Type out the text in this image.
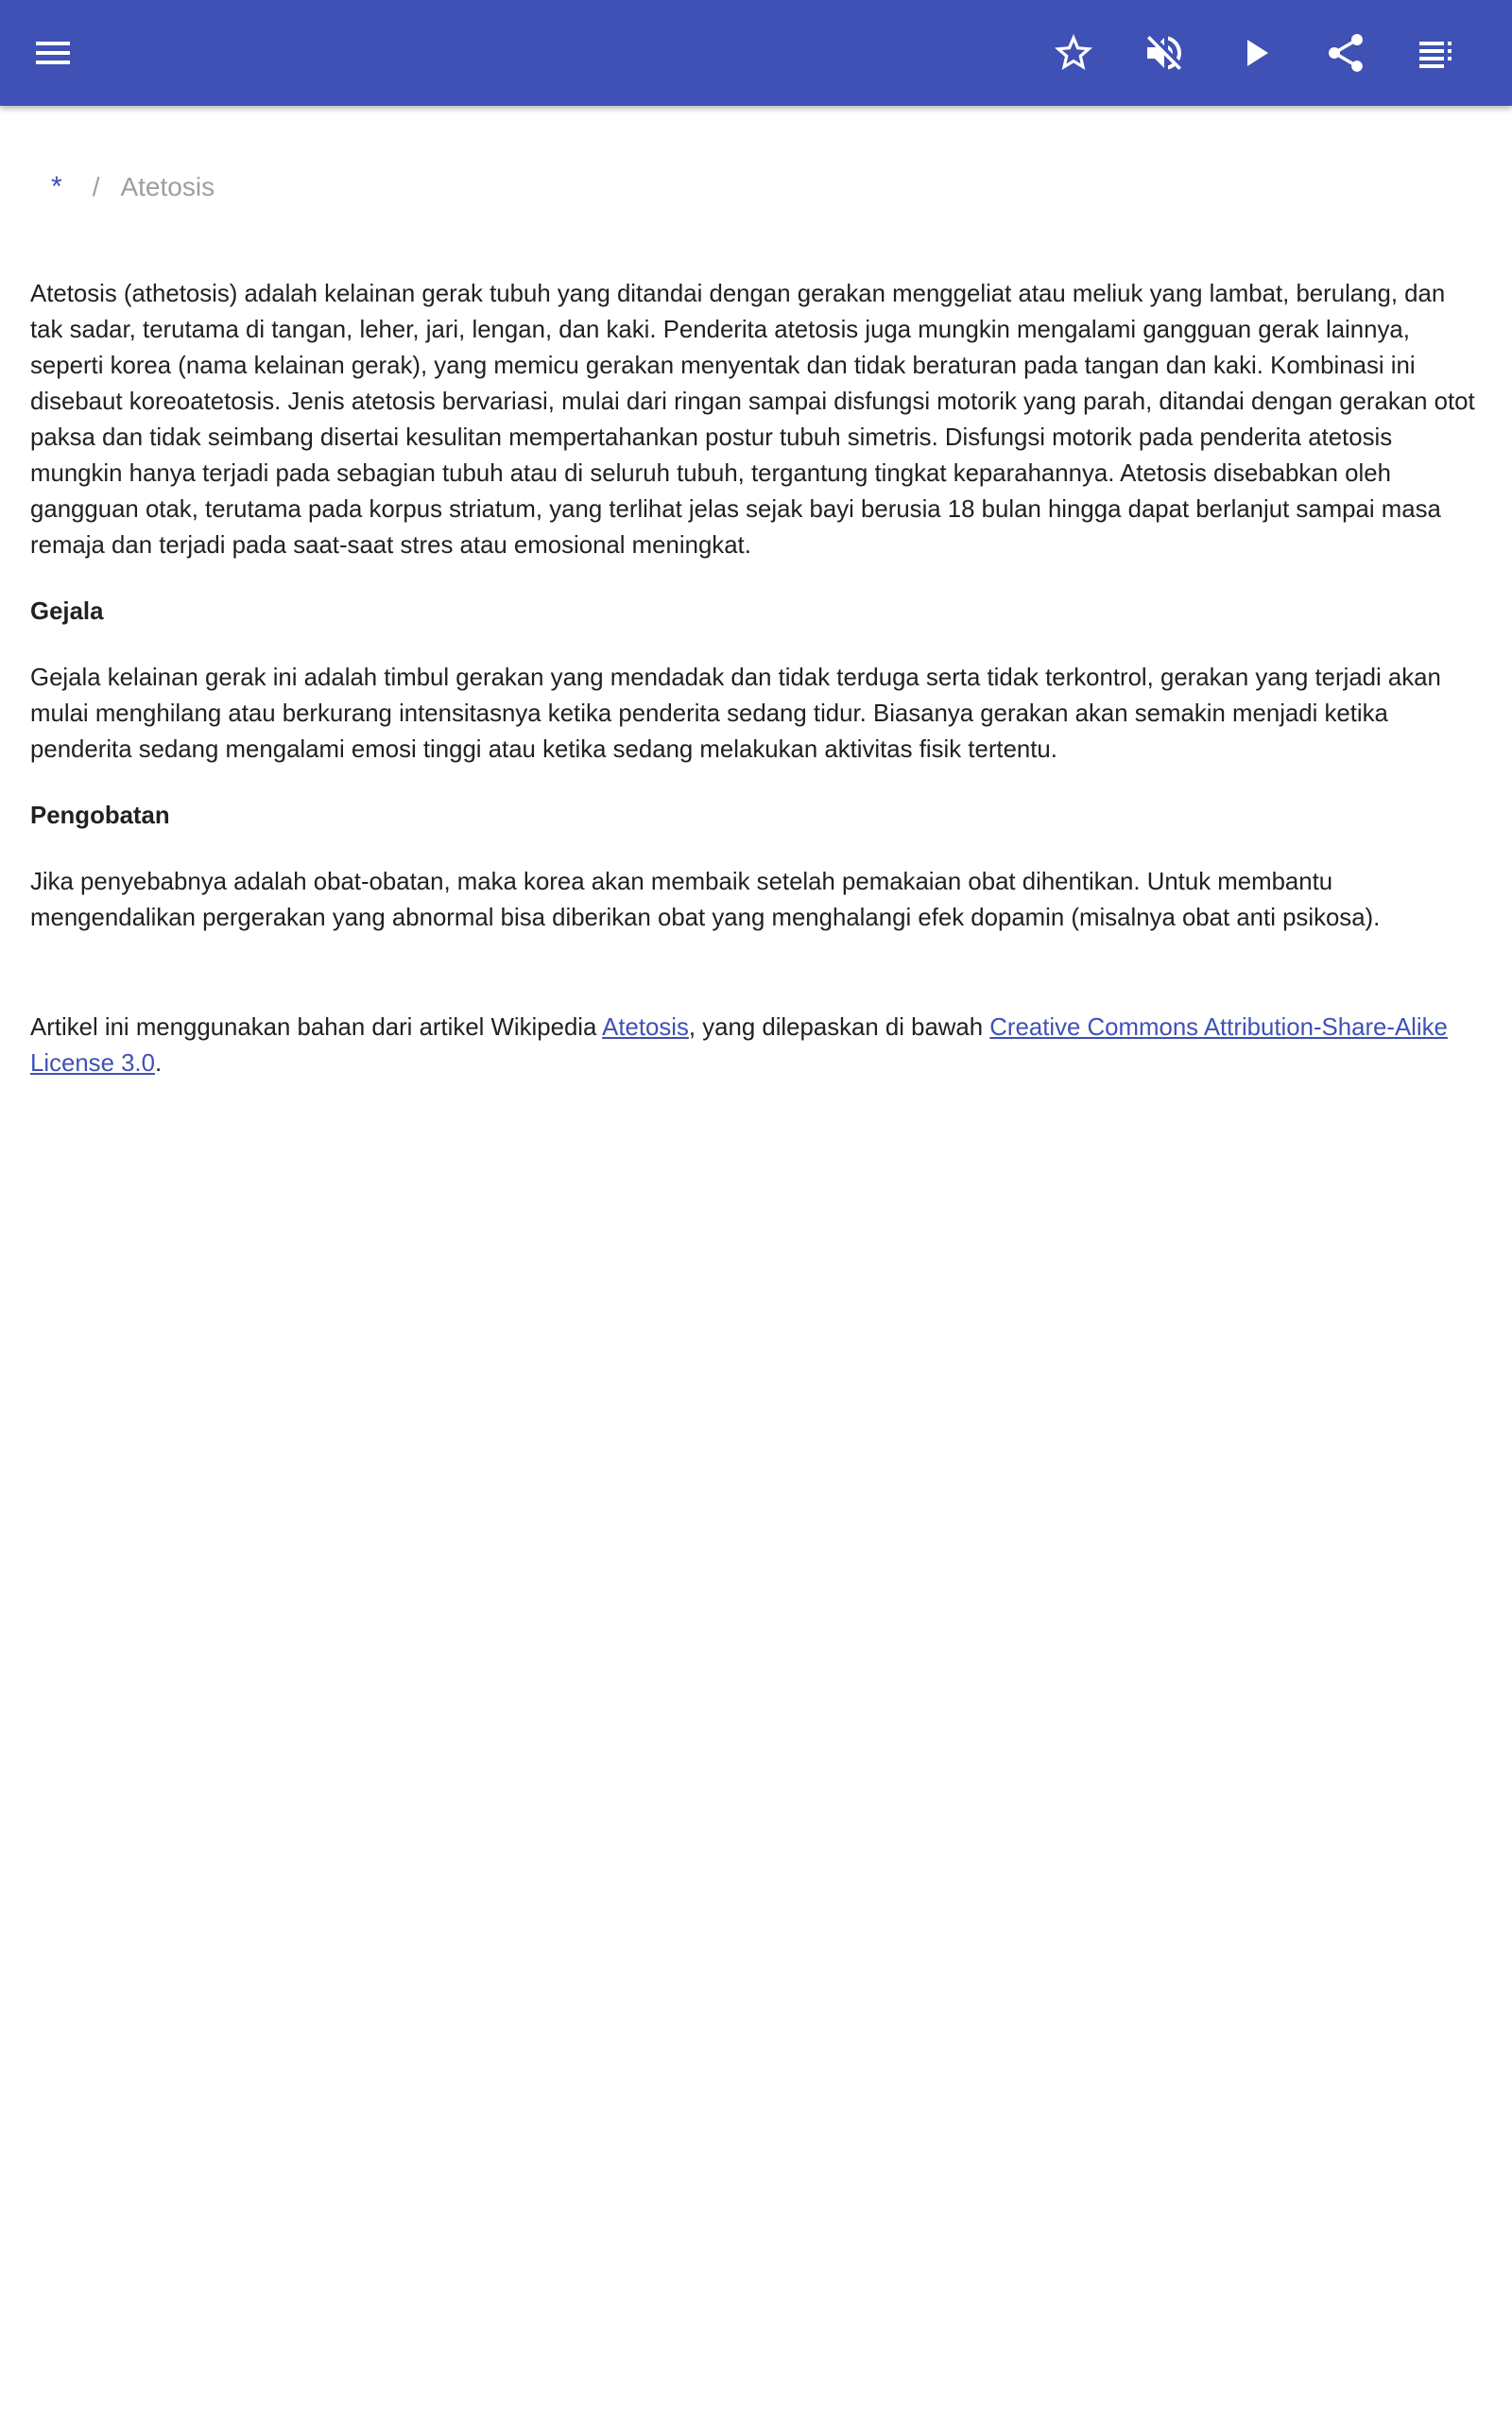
*	/ Atetosis

Atetosis (athetosis) adalah kelainan gerak tubuh yang ditandai dengan gerakan menggeliat atau meliuk yang lambat, berulang, dan tak sadar, terutama di tangan, leher, jari, lengan, dan kaki. Penderita atetosis juga mungkin mengalami gangguan gerak lainnya, seperti korea (nama kelainan gerak), yang memicu gerakan menyentak dan tidak beraturan pada tangan dan kaki. Kombinasi ini disebaut koreoatetosis. Jenis atetosis bervariasi, mulai dari ringan sampai disfungsi motorik yang parah, ditandai dengan gerakan otot paksa dan tidak seimbang disertai kesulitan mempertahankan postur tubuh simetris. Disfungsi motorik pada penderita atetosis mungkin hanya terjadi pada sebagian tubuh atau di seluruh tubuh, tergantung tingkat keparahannya. Atetosis disebabkan oleh gangguan otak, terutama pada korpus striatum, yang terlihat jelas sejak bayi berusia 18 bulan hingga dapat berlanjut sampai masa remaja dan terjadi pada saat-saat stres atau emosional meningkat.

Gejala

Gejala kelainan gerak ini adalah timbul gerakan yang mendadak dan tidak terduga serta tidak terkontrol, gerakan yang terjadi akan mulai menghilang atau berkurang intensitasnya ketika penderita sedang tidur. Biasanya gerakan akan semakin menjadi ketika penderita sedang mengalami emosi tinggi atau ketika sedang melakukan aktivitas fisik tertentu.

Pengobatan

Jika penyebabnya adalah obat-obatan, maka korea akan membaik setelah pemakaian obat dihentikan. Untuk membantu mengendalikan pergerakan yang abnormal bisa diberikan obat yang menghalangi efek dopamin (misalnya obat anti psikosa).

Artikel ini menggunakan bahan dari artikel Wikipedia Atetosis, yang dilepaskan di bawah Creative Commons Attribution-Share-Alike License 3.0.
